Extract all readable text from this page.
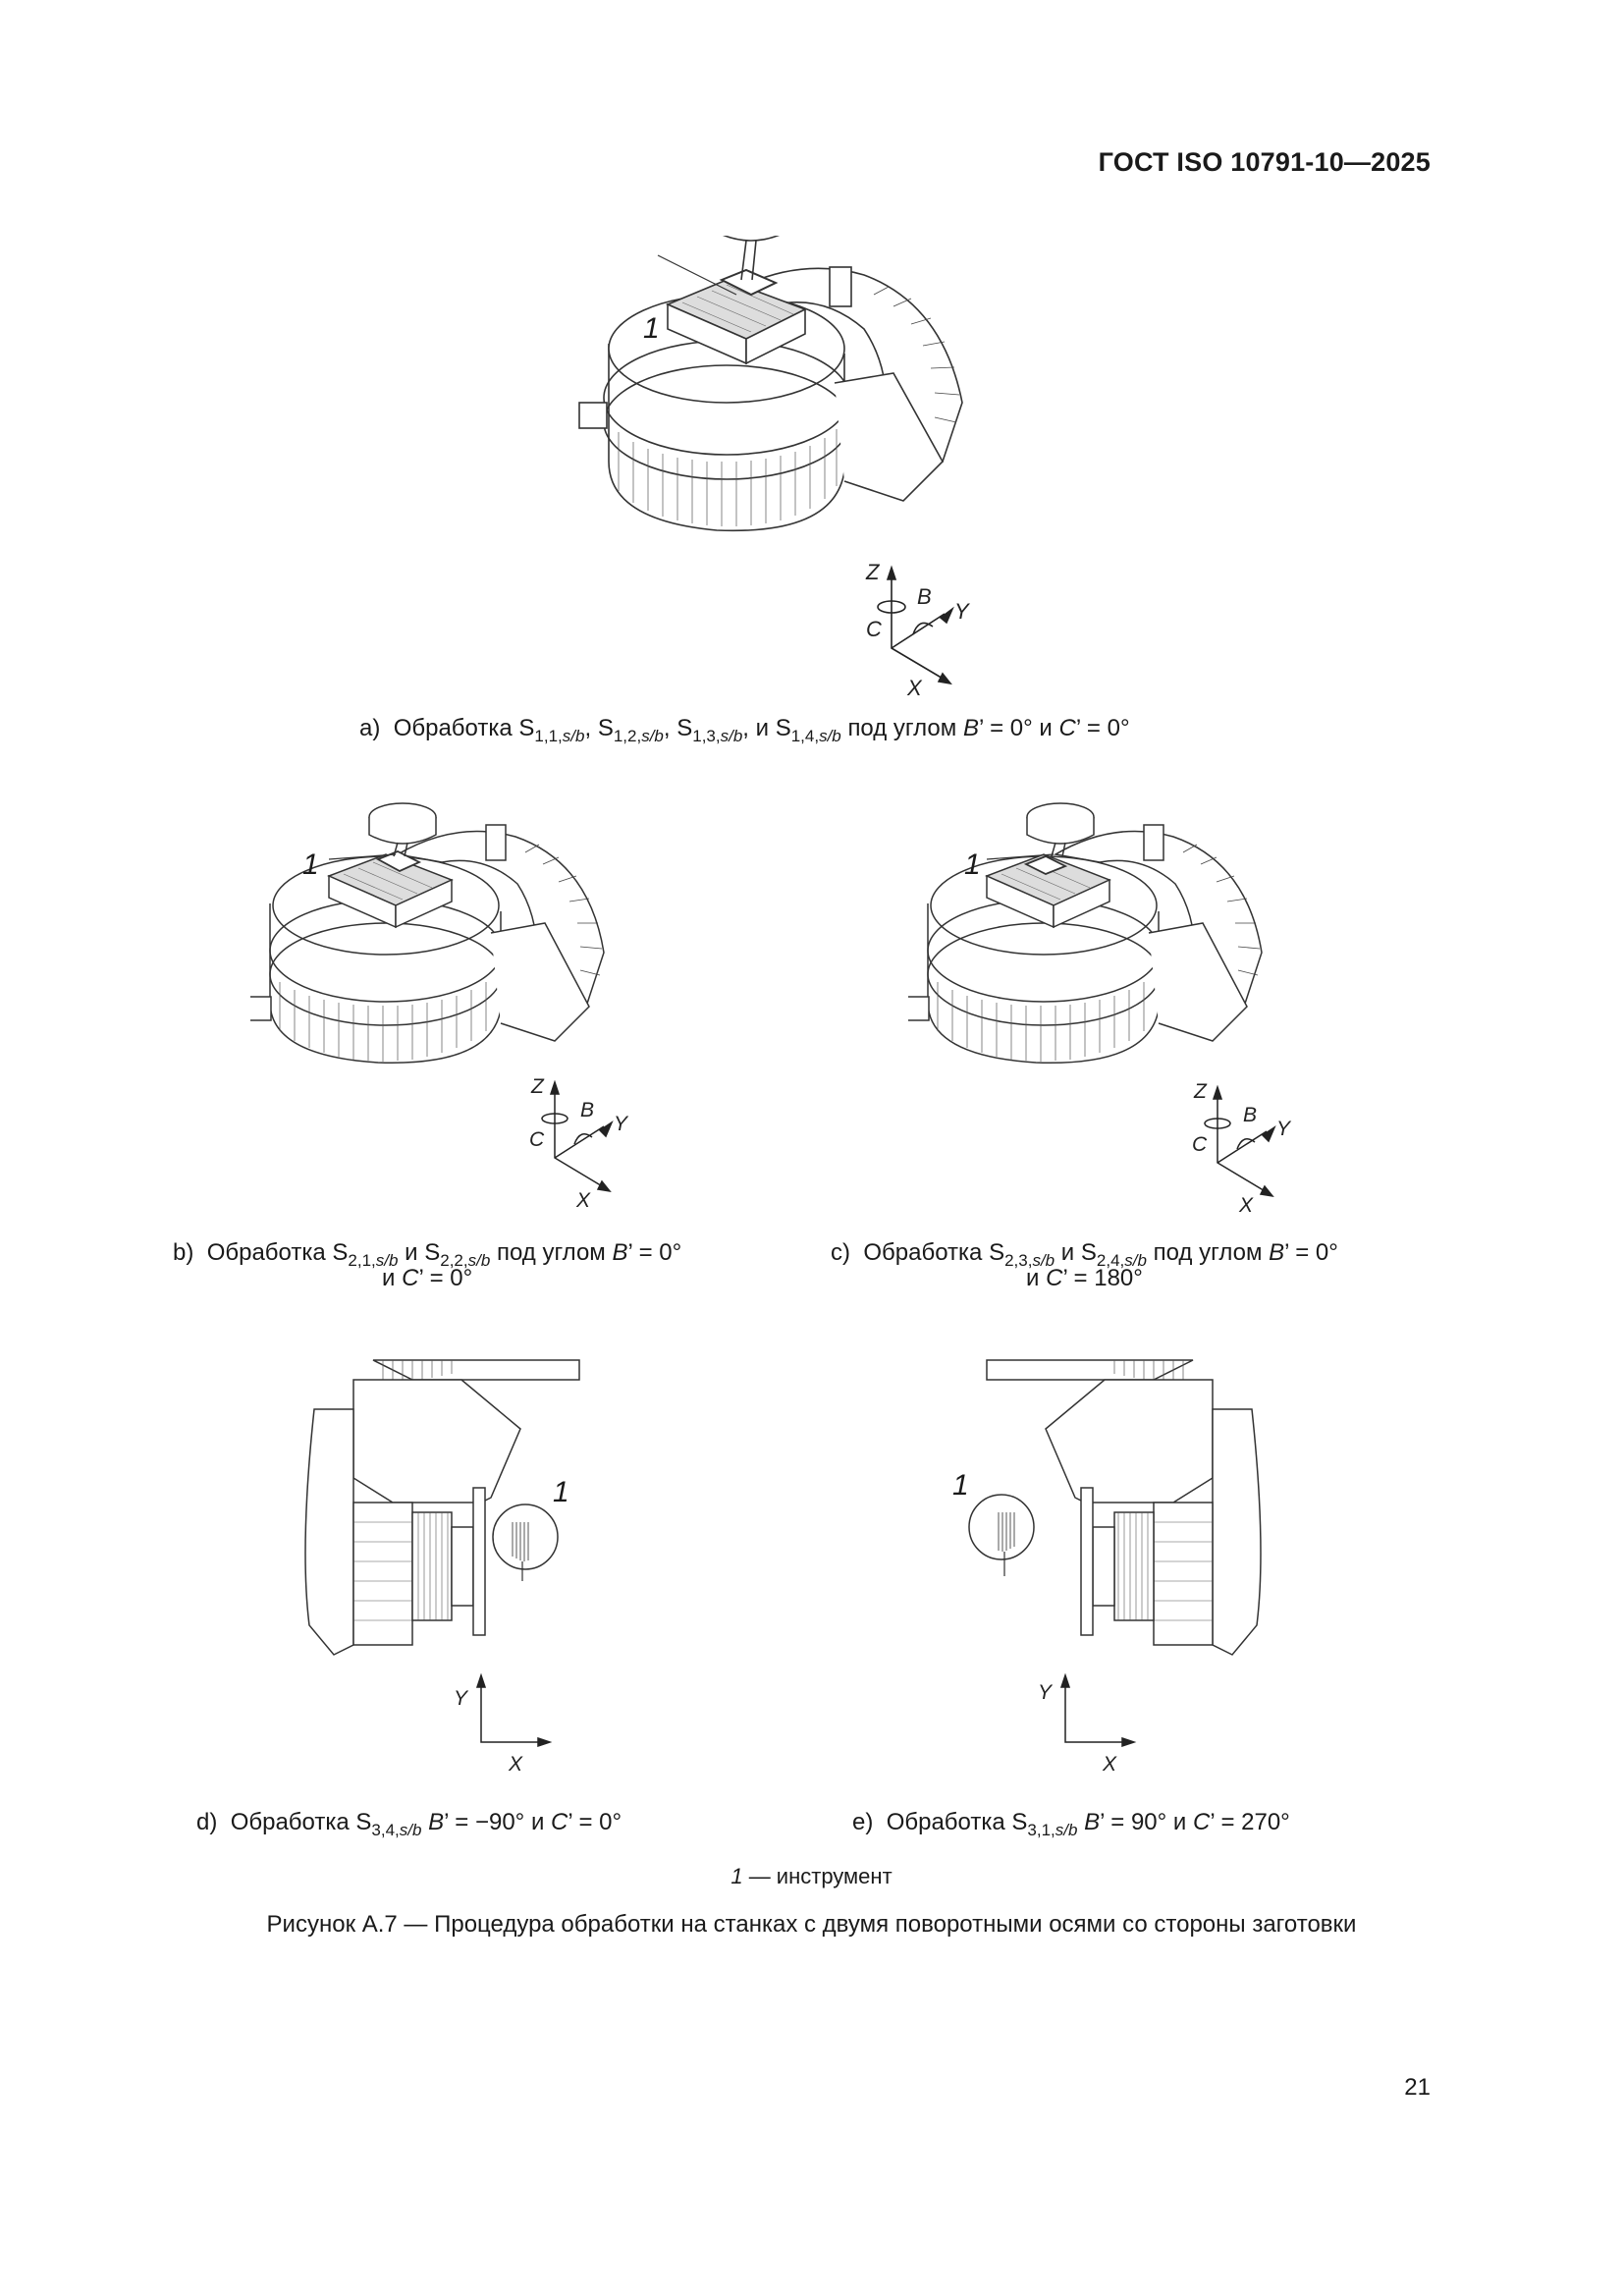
ГОСТ ISO 10791-10—2025
1
Z
Y
B
C
X
а) Обработка $S_{1,1,s/b}$, $S_{1,2,s/b}$, $S_{1,3,s/b}$, и $S_{1,4,s/b}$ под углом B’ = 0° и C’ = 0°
1
Z
Y
B
C
X
b) Обработка $S_{2,1,s/b}$ и $S_{2,2,s/b}$ под углом B’ = 0°
и C’ = 0°
1
Z
Y
B
C
X
c) Обработка $S_{2,3,s/b}$ и $S_{2,4,s/b}$ под углом B’ = 0°
и C’ = 180°
1
Y
X
d) Обработка $S_{3,4,s/b}$ B’ = −90° и C’ = 0°
1
Y
X
e) Обработка $S_{3,1,s/b}$ B’ = 90° и C’ = 270°
1 — инструмент
Рисунок А.7 — Процедура обработки на станках с двумя поворотными осями со стороны заготовки
21
